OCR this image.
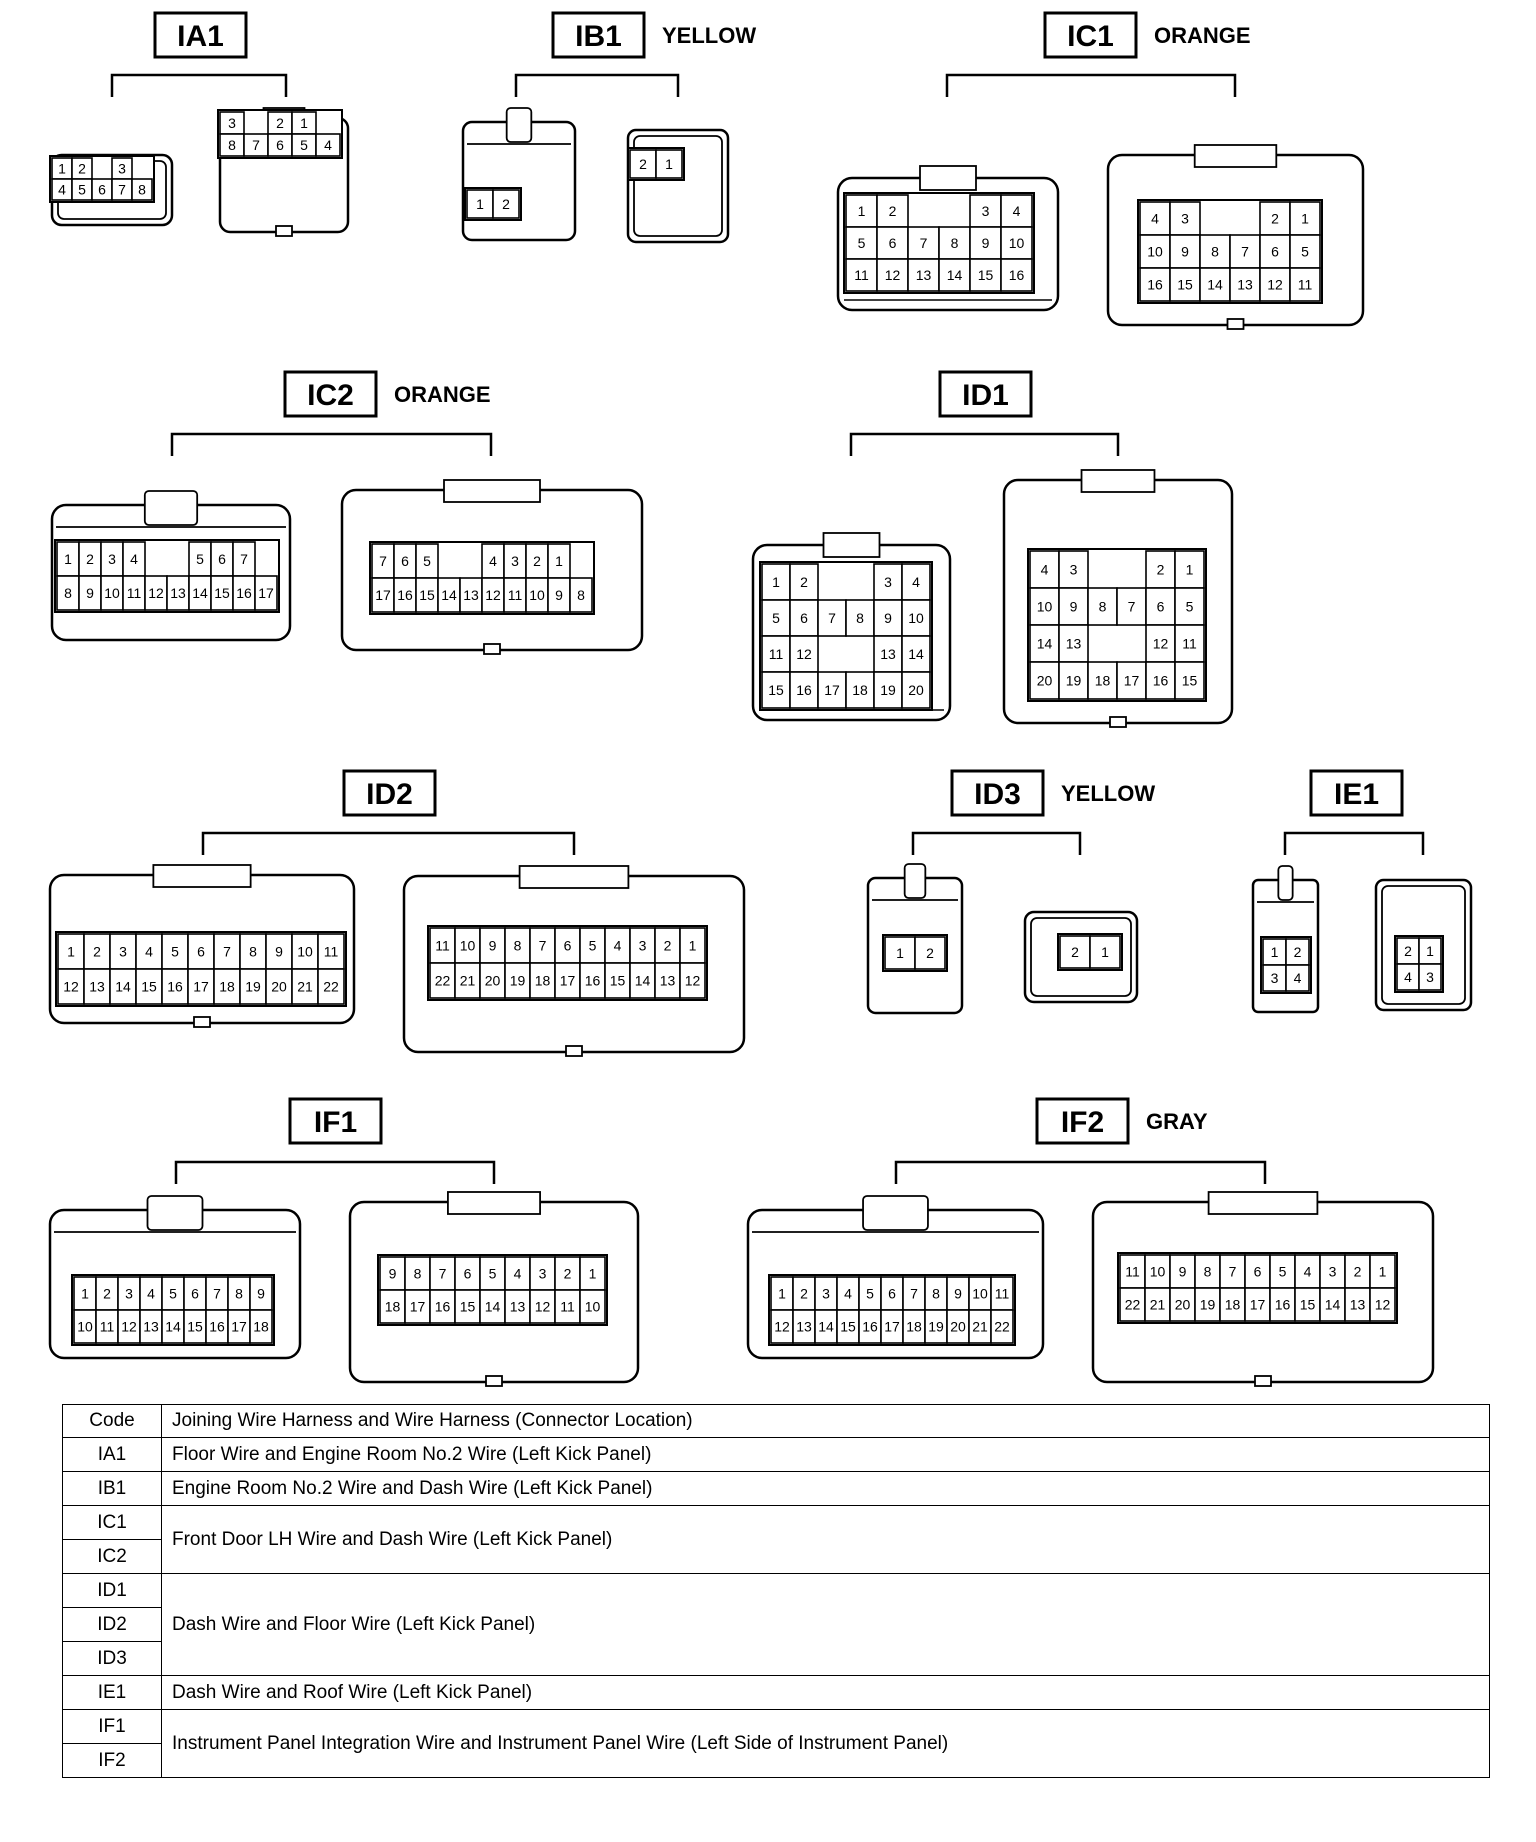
IA1
1 2 3
4 5 6 7 8
3	2 1
8 7 6 5 4
IB1 YELLOW
1 2
2 1
IC1 ORANGE
1 2	3 4
5 6 7 8 9 10
11 12 13 14 15 16
4 3	2 1
10 9 8 7 6 5
16 15 14 13 12 11
IC2 ORANGE
1 2 3 4	5 6 7
8 9 10 11 12 13 14 15 16 17
7 6 5	4 3 2 1
17 16 15 14 13 12 11 10 9 8
ID1
1 2	3 4
5 6 7 8 9 10
11 12	13 14
15 16 17 18 19 20
4 3	2 1
10 9 8 7 6 5
14 13	12 11
20 19 18 17 16 15
ID2
1 2 3 4 5 6 7 8 9 10 11
12 13 14 15 16 17 18 19 20 21 22
11 10 9 8 7 6 5 4 3 2 1
22 21 20 19 18 17 16 15 14 13 12
ID3 YELLOW
1 2	2 1
IE1
1 2
3 4
2 1
4 3
IF1
1 2 3 4 5 6 7 8 9
10 11 12 13 14 15 16 17 18
9 8 7 6 5 4 3 2 1
18 17 16 15 14 13 12 11 10
IF2 GRAY
1 2 3 4 5 6 7 8 9 10 11
12 13 14 15 16 17 18 19 20 21 22
11 10 9 8 7 6 5 4 3 2 1
22 21 20 19 18 17 16 15 14 13 12
Code	Joining Wire Harness and Wire Harness (Connector Location)
IA1	Floor Wire and Engine Room No.2 Wire (Left Kick Panel)
IB1	Engine Room No.2 Wire and Dash Wire (Left Kick Panel)
IC1	Front Door LH Wire and Dash Wire (Left Kick Panel)
IC2	
ID1	Dash Wire and Floor Wire (Left Kick Panel)
ID2	
ID3	
IE1	Dash Wire and Roof Wire (Left Kick Panel)
IF1	Instrument Panel Integration Wire and Instrument Panel Wire (Left Side of Instrument Panel)
IF2	
